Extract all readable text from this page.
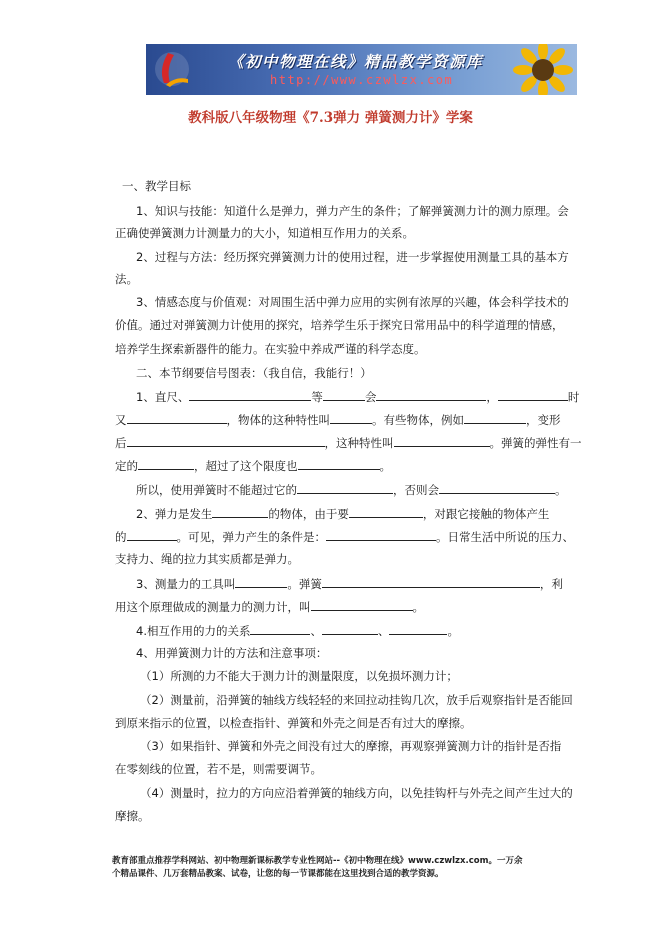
《初中物理在线》精品教学资源库
http://www.czwlzx.com
教科版八年级物理《7.3弹力 弹簧测力计》学案
一、教学目标
1、知识与技能：知道什么是弹力，弹力产生的条件；了解弹簧测力计的测力原理。会
正确使弹簧测力计测量力的大小，知道相互作用力的关系。
2、过程与方法：经历探究弹簧测力计的使用过程，进一步掌握使用测量工具的基本方
法。
3、情感态度与价值观：对周围生活中弹力应用的实例有浓厚的兴趣，体会科学技术的
价值。通过对弹簧测力计使用的探究，培养学生乐于探究日常用品中的科学道理的情感，
培养学生探索新器件的能力。在实验中养成严谨的科学态度。
二、本节纲要信号图表：（我自信，我能行！）
1、直尺、	等	会	，	时
又	，物体的这种特性叫	。有些物体，例如	，变形
后	，这种特性叫	。弹簧的弹性有一
定的	，超过了这个限度也	。
所以，使用弹簧时不能超过它的	，否则会	。
2、弹力是发生	的物体，由于要	，对跟它接触的物体产生
的	。可见，弹力产生的条件是：	。日常生活中所说的压力、
支持力、绳的拉力其实质都是弹力。
3、测量力的工具叫	。弹簧	，利
用这个原理做成的测量力的测力计，叫	。
4.相互作用的力的关系	、	、	。
4、用弹簧测力计的方法和注意事项：
（1）所测的力不能大于测力计的测量限度，以免损坏测力计；
（2）测量前，沿弹簧的轴线方线轻轻的来回拉动挂钩几次，放手后观察指针是否能回
到原来指示的位置，以检查指针、弹簧和外壳之间是否有过大的摩擦。
（3）如果指针、弹簧和外壳之间没有过大的摩擦，再观察弹簧测力计的指针是否指
在零刻线的位置，若不是，则需要调节。
（4）测量时，拉力的方向应沿着弹簧的轴线方向，以免挂钩杆与外壳之间产生过大的
摩擦。
教育部重点推荐学科网站、初中物理新课标教学专业性网站--《初中物理在线》www.czwlzx.com。一万余
个精品课件、几万套精品教案、试卷，让您的每一节课都能在这里找到合适的教学资源。
